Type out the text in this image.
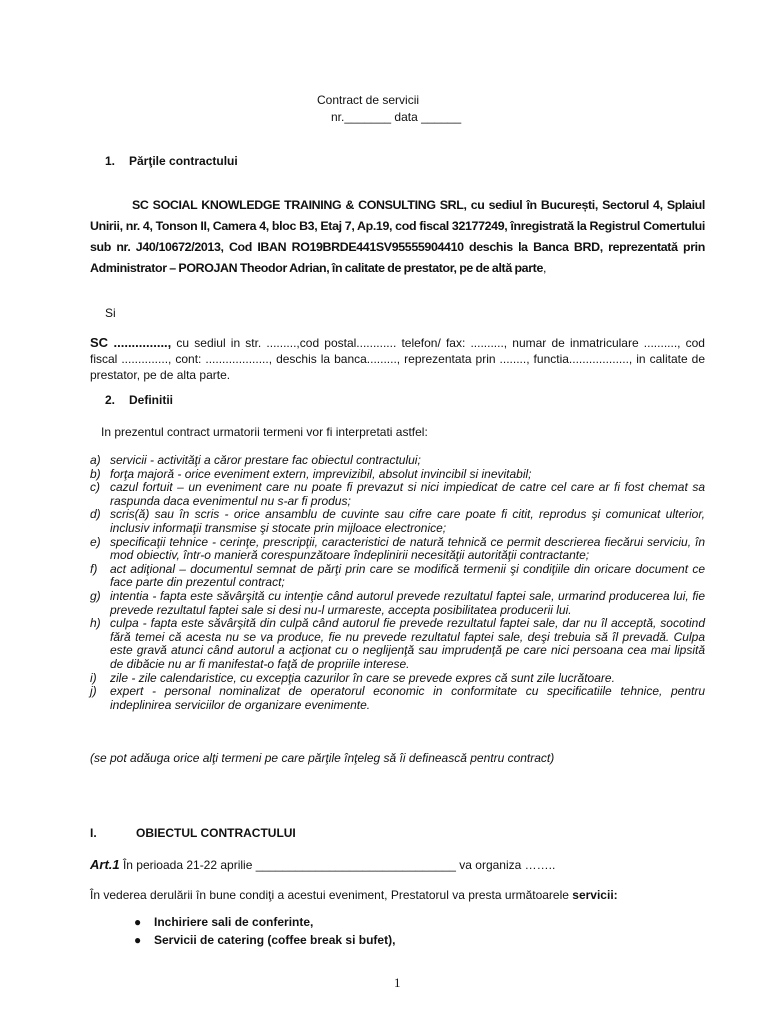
Contract de servicii
nr._______ data ______
1. Părţile contractului
SC SOCIAL KNOWLEDGE TRAINING & CONSULTING SRL, cu sediul în București, Sectorul 4, Splaiul Unirii, nr. 4, Tonson II, Camera 4, bloc B3, Etaj 7, Ap.19, cod fiscal 32177249, înregistrată la Registrul Comertului sub nr. J40/10672/2013, Cod IBAN RO19BRDE441SV95555904410 deschis la Banca BRD, reprezentată prin Administrator – POROJAN Theodor Adrian, în calitate de prestator, pe de altă parte,
Si
SC ..............., cu sediul in str. .........,cod postal............ telefon/ fax: .........., numar de inmatriculare .........., cod fiscal .............., cont: ..................., deschis la banca........., reprezentata prin ........, functia.................., in calitate de prestator, pe de alta parte.
2. Definitii
In prezentul contract urmatorii termeni vor fi interpretati astfel:
a) servicii - activităţi a căror prestare fac obiectul contractului;
b) forţa majoră - orice eveniment extern, imprevizibil, absolut invincibil si inevitabil;
c) cazul fortuit – un eveniment care nu poate fi prevazut si nici impiedicat de catre cel care ar fi fost chemat sa raspunda daca evenimentul nu s-ar fi produs;
d) scris(ă) sau în scris - orice ansamblu de cuvinte sau cifre care poate fi citit, reprodus şi comunicat ulterior, inclusiv informaţii transmise şi stocate prin mijloace electronice;
e) specificaţii tehnice - cerinţe, prescripţii, caracteristici de natură tehnică ce permit descrierea fiecărui serviciu, în mod obiectiv, într-o manieră corespunzătoare îndeplinirii necesităţii autorităţii contractante;
f) act adiţional – documentul semnat de părţi prin care se modifică termenii şi condiţiile din oricare document ce face parte din prezentul contract;
g) intentia - fapta este săvârşită cu intenţie când autorul prevede rezultatul faptei sale, urmarind producerea lui, fie prevede rezultatul faptei sale si desi nu-l urmareste, accepta posibilitatea producerii lui.
h) culpa - fapta este săvârşită din culpă când autorul fie prevede rezultatul faptei sale, dar nu îl acceptă, socotind fără temei că acesta nu se va produce, fie nu prevede rezultatul faptei sale, deşi trebuia să îl prevadă. Culpa este gravă atunci când autorul a acţionat cu o neglijenţă sau imprudenţă pe care nici persoana cea mai lipsită de dibăcie nu ar fi manifestat-o faţă de propriile interese.
i) zile - zile calendaristice, cu excepţia cazurilor în care se prevede expres că sunt zile lucrătoare.
j) expert - personal nominalizat de operatorul economic in conformitate cu specificatiile tehnice, pentru indeplinirea serviciilor de organizare evenimente.
(se pot adăuga orice alţi termeni pe care părţile înţeleg să îi definească pentru contract)
I.	OBIECTUL CONTRACTULUI
Art.1 În perioada 21-22 aprilie ______________________________ va organiza ……..
În vederea derulării în bune condiţi a acestui eveniment, Prestatorul va presta următoarele servicii:
● Inchiriere sali de conferinte,
● Servicii de catering (coffee break si bufet),
1
